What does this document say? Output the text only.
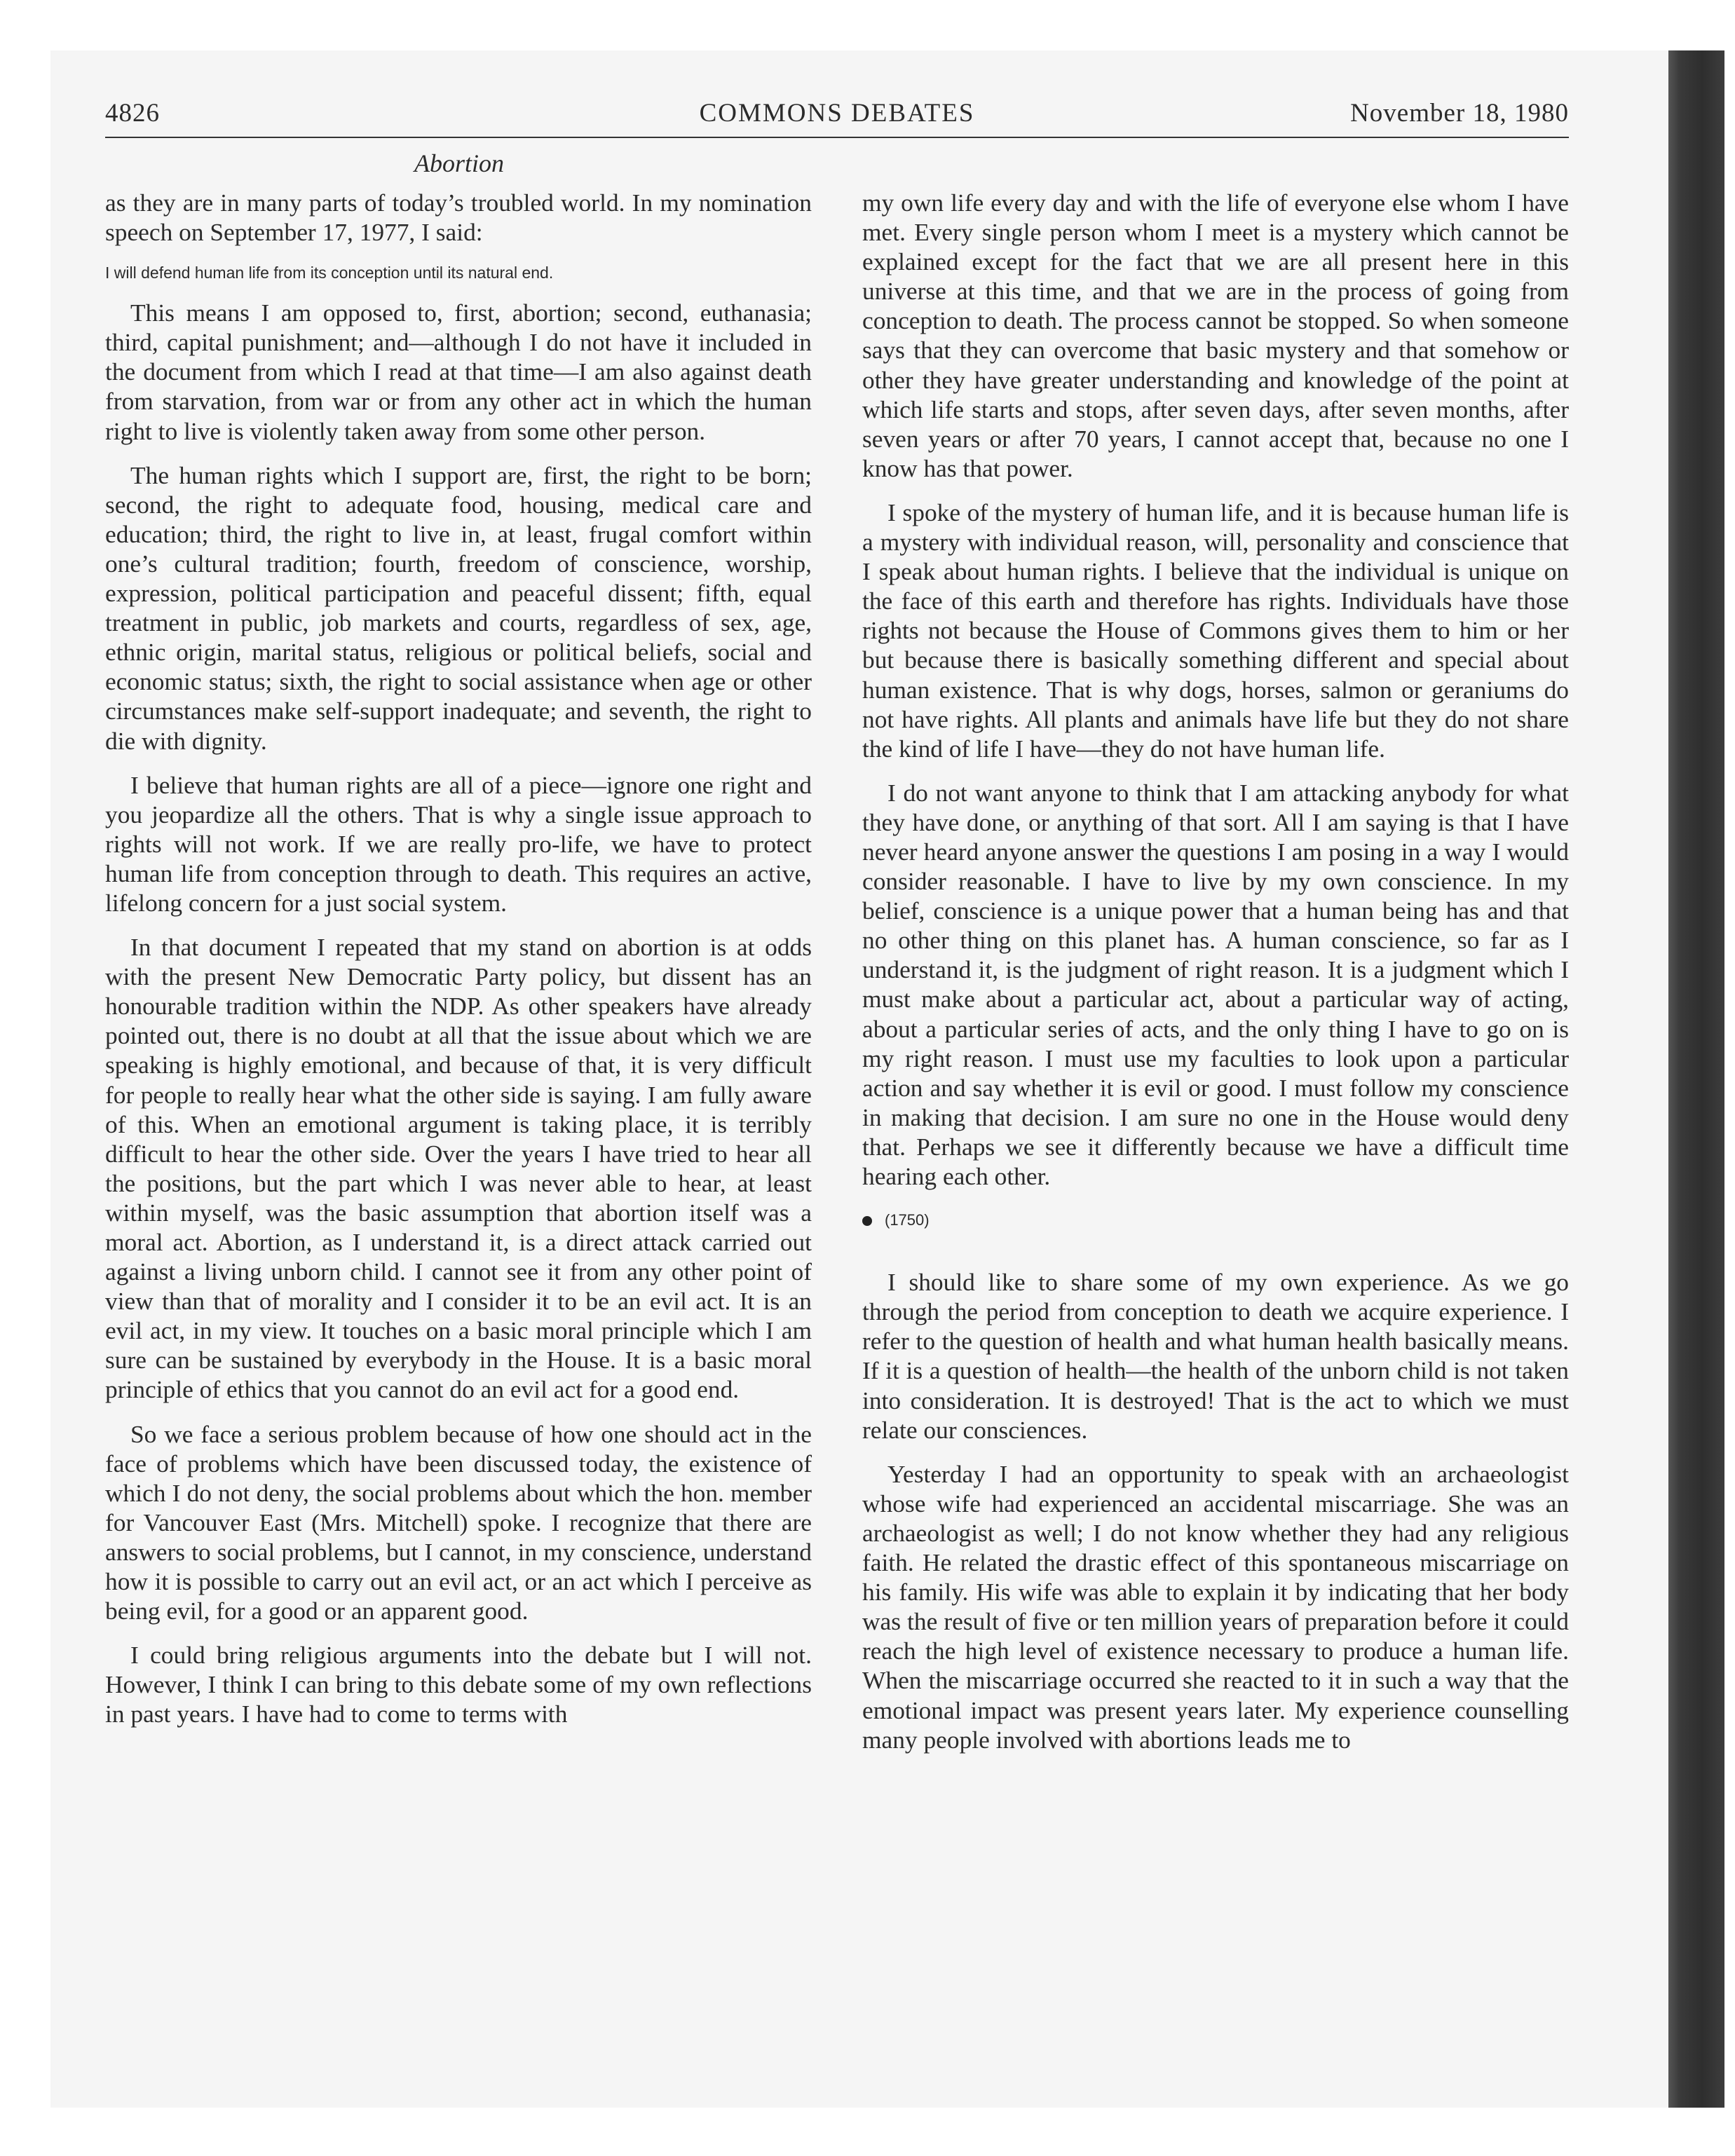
4826	COMMONS DEBATES	November 18, 1980
Abortion

as they are in many parts of today’s troubled world. In my nomination speech on September 17, 1977, I said:

I will defend human life from its conception until its natural end.

This means I am opposed to, first, abortion; second, euthanasia; third, capital punishment; and—although I do not have it included in the document from which I read at that time—I am also against death from starvation, from war or from any other act in which the human right to live is violently taken away from some other person.

The human rights which I support are, first, the right to be born; second, the right to adequate food, housing, medical care and education; third, the right to live in, at least, frugal comfort within one’s cultural tradition; fourth, freedom of conscience, worship, expression, political participation and peaceful dissent; fifth, equal treatment in public, job markets and courts, regardless of sex, age, ethnic origin, marital status, religious or political beliefs, social and economic status; sixth, the right to social assistance when age or other circumstances make self-support inadequate; and seventh, the right to die with dignity.

I believe that human rights are all of a piece—ignore one right and you jeopardize all the others. That is why a single issue approach to rights will not work. If we are really pro-life, we have to protect human life from conception through to death. This requires an active, lifelong concern for a just social system.

In that document I repeated that my stand on abortion is at odds with the present New Democratic Party policy, but dissent has an honourable tradition within the NDP. As other speakers have already pointed out, there is no doubt at all that the issue about which we are speaking is highly emotional, and because of that, it is very difficult for people to really hear what the other side is saying. I am fully aware of this. When an emotional argument is taking place, it is terribly difficult to hear the other side. Over the years I have tried to hear all the positions, but the part which I was never able to hear, at least within myself, was the basic assumption that abortion itself was a moral act. Abortion, as I understand it, is a direct attack carried out against a living unborn child. I cannot see it from any other point of view than that of morality and I consider it to be an evil act. It is an evil act, in my view. It touches on a basic moral principle which I am sure can be sustained by everybody in the House. It is a basic moral principle of ethics that you cannot do an evil act for a good end.

So we face a serious problem because of how one should act in the face of problems which have been discussed today, the existence of which I do not deny, the social problems about which the hon. member for Vancouver East (Mrs. Mitchell) spoke. I recognize that there are answers to social problems, but I cannot, in my conscience, understand how it is possible to carry out an evil act, or an act which I perceive as being evil, for a good or an apparent good.

I could bring religious arguments into the debate but I will not. However, I think I can bring to this debate some of my own reflections in past years. I have had to come to terms with

my own life every day and with the life of everyone else whom I have met. Every single person whom I meet is a mystery which cannot be explained except for the fact that we are all present here in this universe at this time, and that we are in the process of going from conception to death. The process cannot be stopped. So when someone says that they can overcome that basic mystery and that somehow or other they have greater understanding and knowledge of the point at which life starts and stops, after seven days, after seven months, after seven years or after 70 years, I cannot accept that, because no one I know has that power.

I spoke of the mystery of human life, and it is because human life is a mystery with individual reason, will, personality and conscience that I speak about human rights. I believe that the individual is unique on the face of this earth and therefore has rights. Individuals have those rights not because the House of Commons gives them to him or her but because there is basically something different and special about human existence. That is why dogs, horses, salmon or geraniums do not have rights. All plants and animals have life but they do not share the kind of life I have—they do not have human life.

I do not want anyone to think that I am attacking anybody for what they have done, or anything of that sort. All I am saying is that I have never heard anyone answer the questions I am posing in a way I would consider reasonable. I have to live by my own conscience. In my belief, conscience is a unique power that a human being has and that no other thing on this planet has. A human conscience, so far as I understand it, is the judgment of right reason. It is a judgment which I must make about a particular act, about a particular way of acting, about a particular series of acts, and the only thing I have to go on is my right reason. I must use my faculties to look upon a particular action and say whether it is evil or good. I must follow my conscience in making that decision. I am sure no one in the House would deny that. Perhaps we see it differently because we have a difficult time hearing each other.

(1750)

I should like to share some of my own experience. As we go through the period from conception to death we acquire experience. I refer to the question of health and what human health basically means. If it is a question of health—the health of the unborn child is not taken into consideration. It is destroyed! That is the act to which we must relate our consciences.

Yesterday I had an opportunity to speak with an archaeologist whose wife had experienced an accidental miscarriage. She was an archaeologist as well; I do not know whether they had any religious faith. He related the drastic effect of this spontaneous miscarriage on his family. His wife was able to explain it by indicating that her body was the result of five or ten million years of preparation before it could reach the high level of existence necessary to produce a human life. When the miscarriage occurred she reacted to it in such a way that the emotional impact was present years later. My experience counselling many people involved with abortions leads me to
